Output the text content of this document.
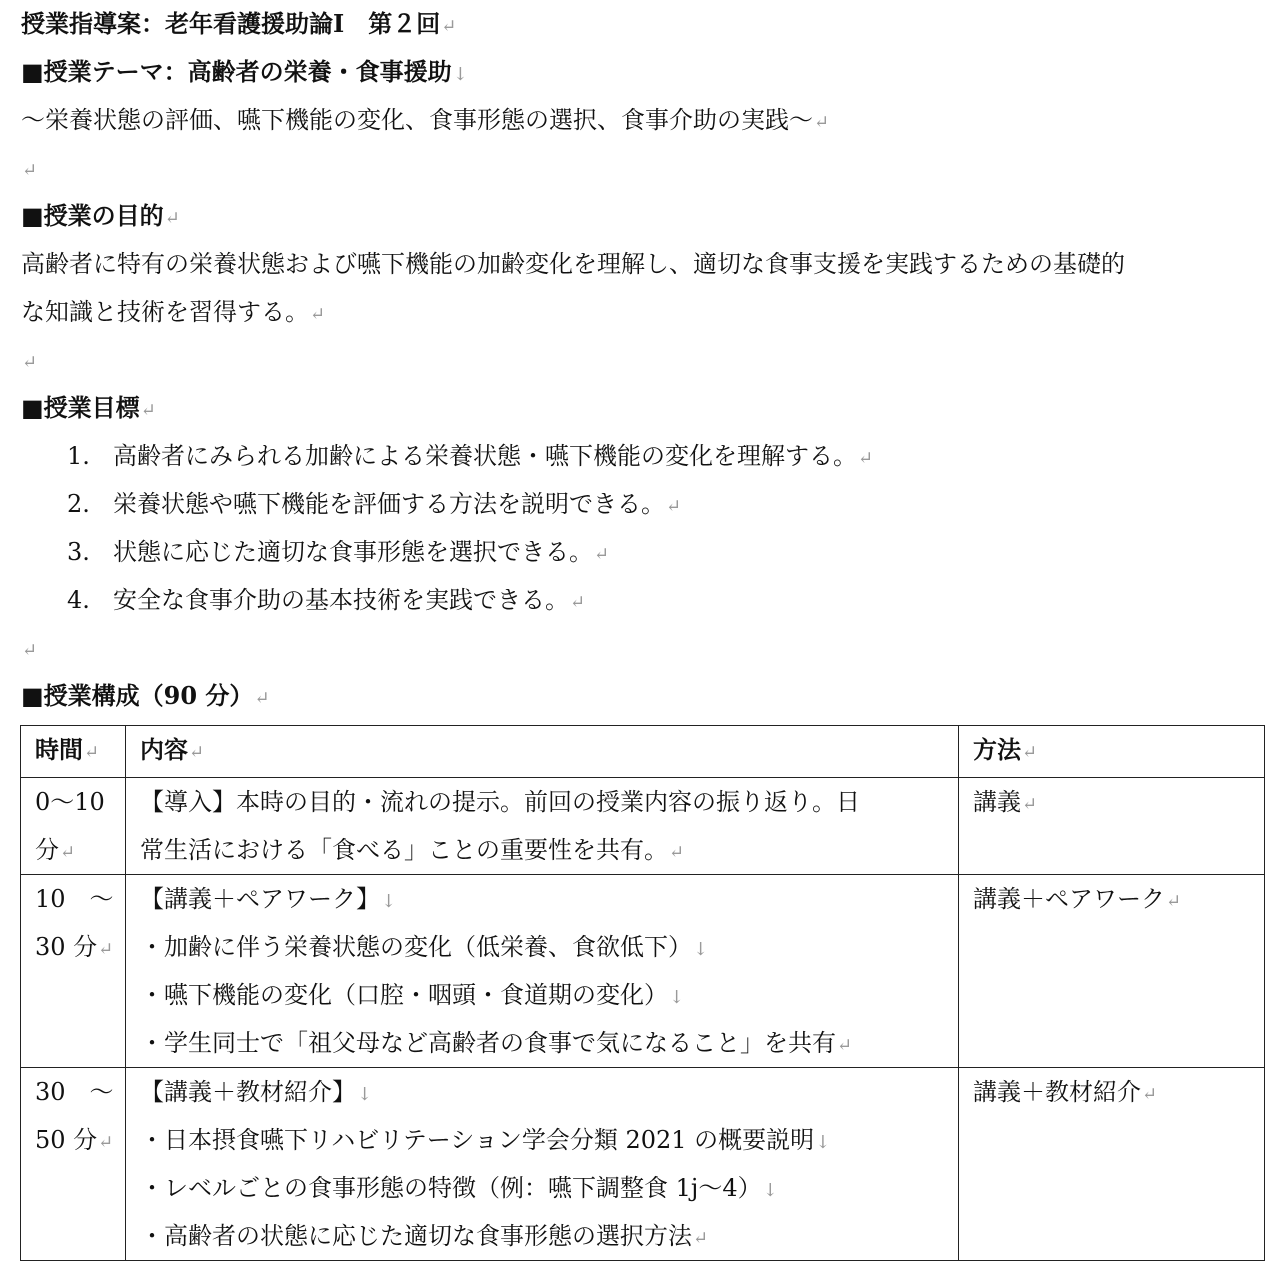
授業指導案：老年看護援助論Ⅰ　第２回↵
■授業テーマ：高齢者の栄養・食事援助↓
～栄養状態の評価、嚥下機能の変化、食事形態の選択、食事介助の実践～↵
↵
■授業の目的↵
高齢者に特有の栄養状態および嚥下機能の加齢変化を理解し、適切な食事支援を実践するための基礎的
な知識と技術を習得する。↵
↵
■授業目標↵
1. 高齢者にみられる加齢による栄養状態・嚥下機能の変化を理解する。↵
2. 栄養状態や嚥下機能を評価する方法を説明できる。↵
3. 状態に応じた適切な食事形態を選択できる。↵
4. 安全な食事介助の基本技術を実践できる。↵
↵
■授業構成（90 分）↵
時間↵	内容↵	方法↵

0～10
分↵	【導入】本時の目的・流れの提示。前回の授業内容の振り返り。日
常生活における「食べる」ことの重要性を共有。↵	講義↵

10　～
30 分↵	【講義＋ペアワーク】↓
・加齢に伴う栄養状態の変化（低栄養、食欲低下）↓
・嚥下機能の変化（口腔・咽頭・食道期の変化）↓
・学生同士で「祖父母など高齢者の食事で気になること」を共有↵	講義＋ペアワーク↵

30　～
50 分↵	【講義＋教材紹介】↓
・日本摂食嚥下リハビリテーション学会分類 2021 の概要説明↓
・レベルごとの食事形態の特徴（例：嚥下調整食 1j～4）↓
・高齢者の状態に応じた適切な食事形態の選択方法↵	講義＋教材紹介↵
